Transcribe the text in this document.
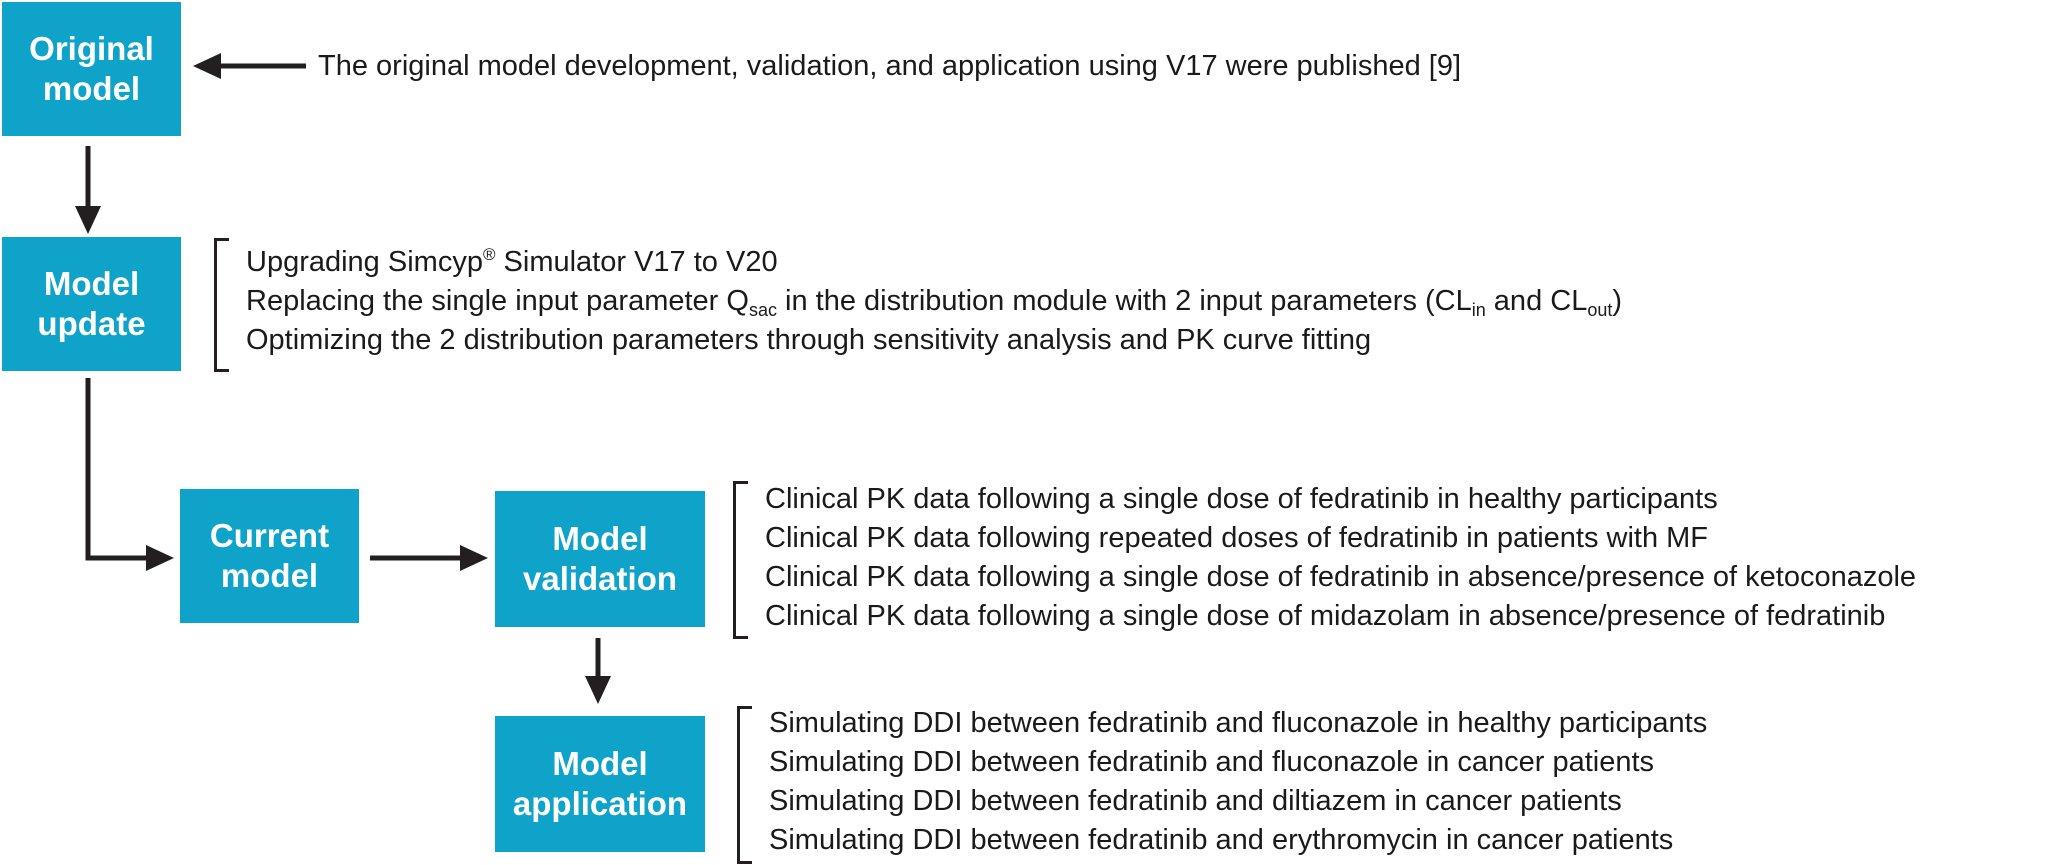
Original
model
Model
update
Current
model
Model
validation
Model
application
The original model development, validation, and application using V17 were published [9]
Upgrading Simcyp® Simulator V17 to V20
Replacing the single input parameter $Q_{sac}$ in the distribution module with 2 input parameters ($CL_{in}$ and $CL_{out}$)
Optimizing the 2 distribution parameters through sensitivity analysis and PK curve fitting
Clinical PK data following a single dose of fedratinib in healthy participants
Clinical PK data following repeated doses of fedratinib in patients with MF
Clinical PK data following a single dose of fedratinib in absence/presence of ketoconazole
Clinical PK data following a single dose of midazolam in absence/presence of fedratinib
Simulating DDI between fedratinib and fluconazole in healthy participants
Simulating DDI between fedratinib and fluconazole in cancer patients
Simulating DDI between fedratinib and diltiazem in cancer patients
Simulating DDI between fedratinib and erythromycin in cancer patients
